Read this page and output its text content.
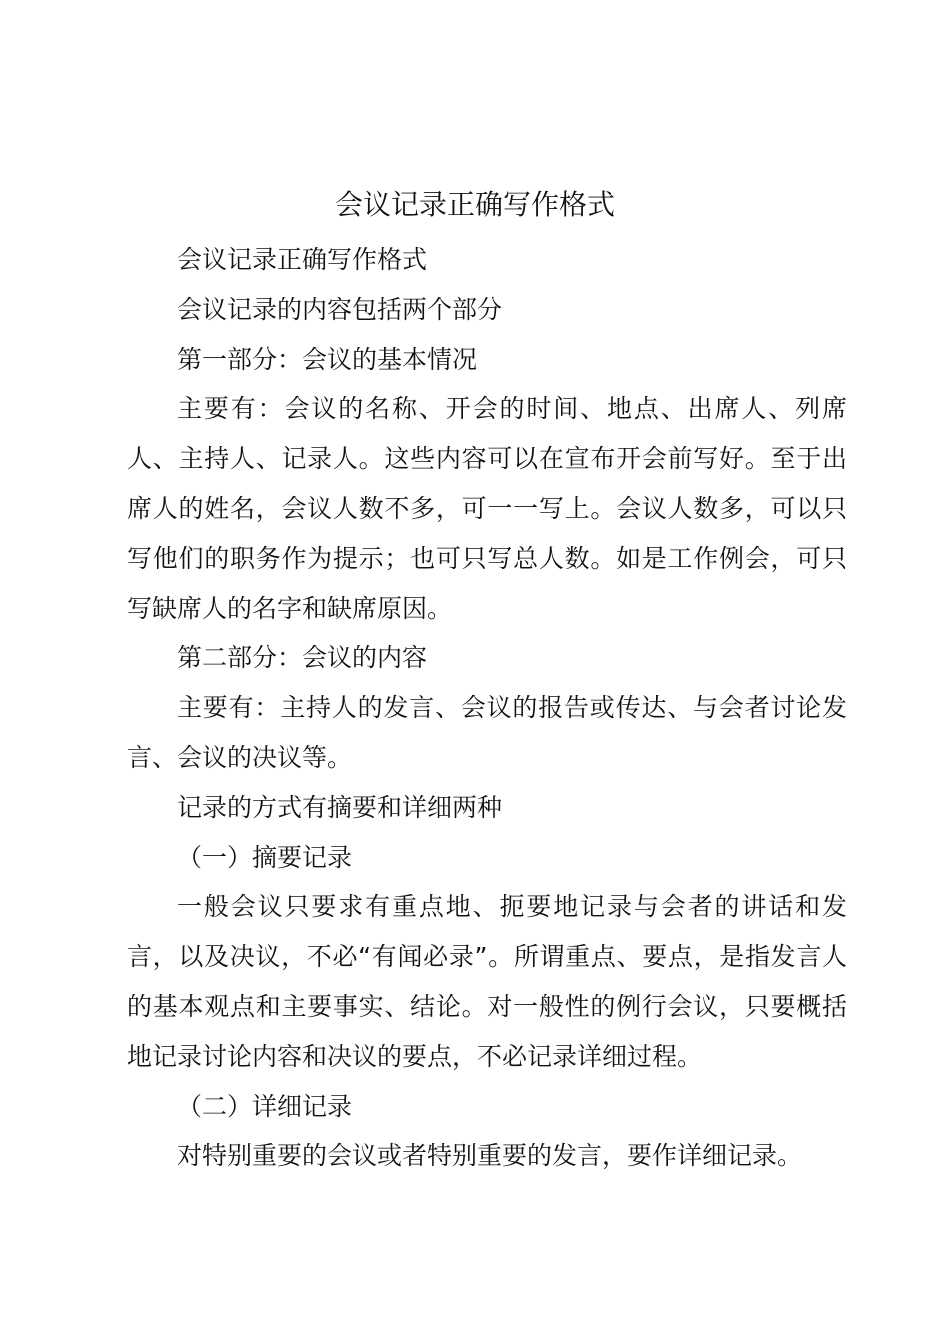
会议记录正确写作格式

会议记录正确写作格式

会议记录的内容包括两个部分

第一部分：会议的基本情况

主要有：会议的名称、开会的时间、地点、出席人、列席人、主持人、记录人。这些内容可以在宣布开会前写好。至于出席人的姓名，会议人数不多，可一一写上。会议人数多，可以只写他们的职务作为提示；也可只写总人数。如是工作例会，可只写缺席人的名字和缺席原因。

第二部分：会议的内容

主要有：主持人的发言、会议的报告或传达、与会者讨论发言、会议的决议等。

记录的方式有摘要和详细两种

（一）摘要记录

一般会议只要求有重点地、扼要地记录与会者的讲话和发言，以及决议，不必“有闻必录”。所谓重点、要点，是指发言人的基本观点和主要事实、结论。对一般性的例行会议，只要概括地记录讨论内容和决议的要点，不必记录详细过程。

（二）详细记录

对特别重要的会议或者特别重要的发言，要作详细记录。
